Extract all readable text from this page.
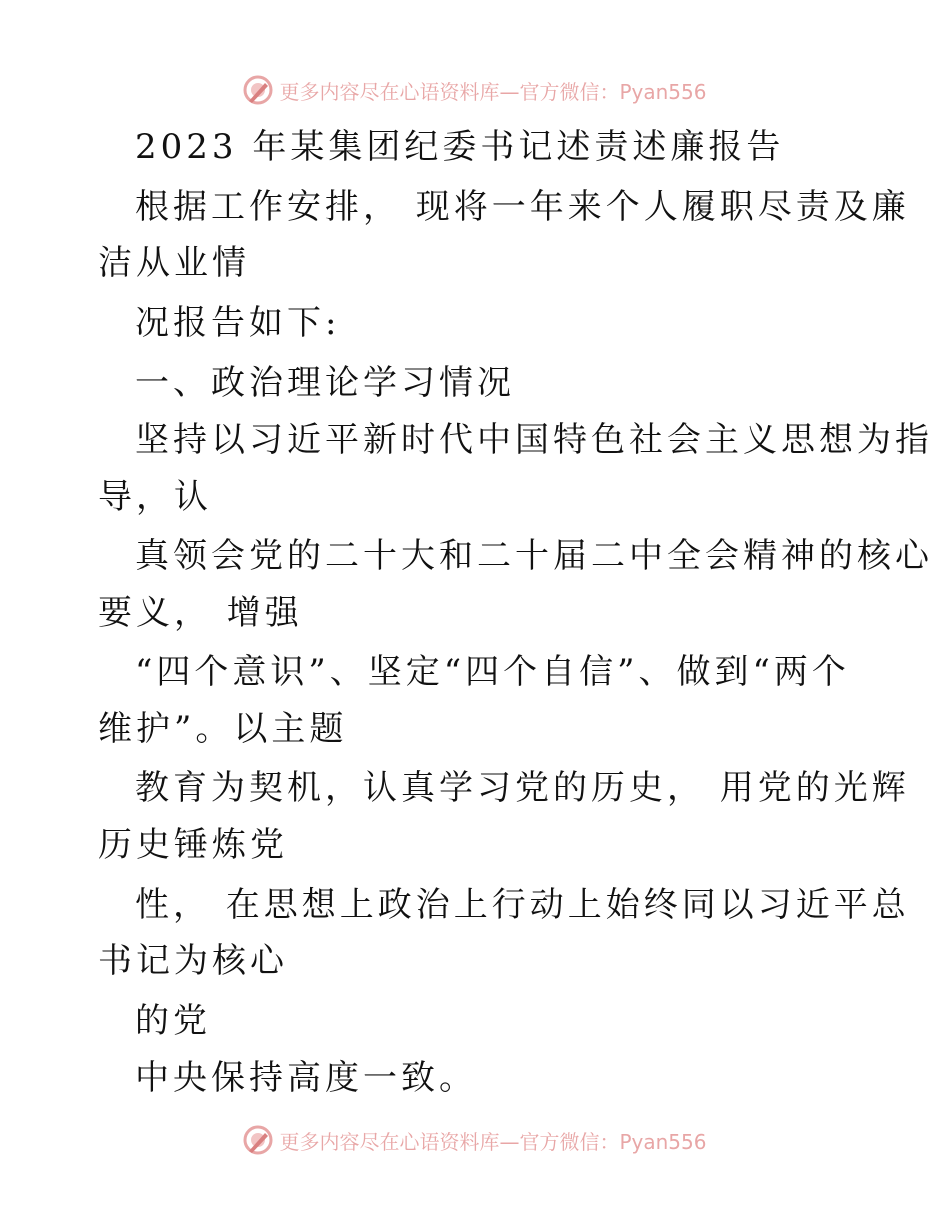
更多内容尽在心语资料库—官方微信：Pyan556
2023 年某集团纪委书记述责述廉报告
根据工作安排， 现将一年来个人履职尽责及廉
洁从业情
况报告如下:
一、政治理论学习情况
坚持以习近平新时代中国特色社会主义思想为指
导，认
真领会党的二十大和二十届二中全会精神的核心
要义， 增强
“四个意识”、坚定“四个自信”、做到“两个
维护”。以主题
教育为契机，认真学习党的历史， 用党的光辉
历史锤炼党
性， 在思想上政治上行动上始终同以习近平总
书记为核心
的党
中央保持高度一致。
更多内容尽在心语资料库—官方微信：Pyan556
